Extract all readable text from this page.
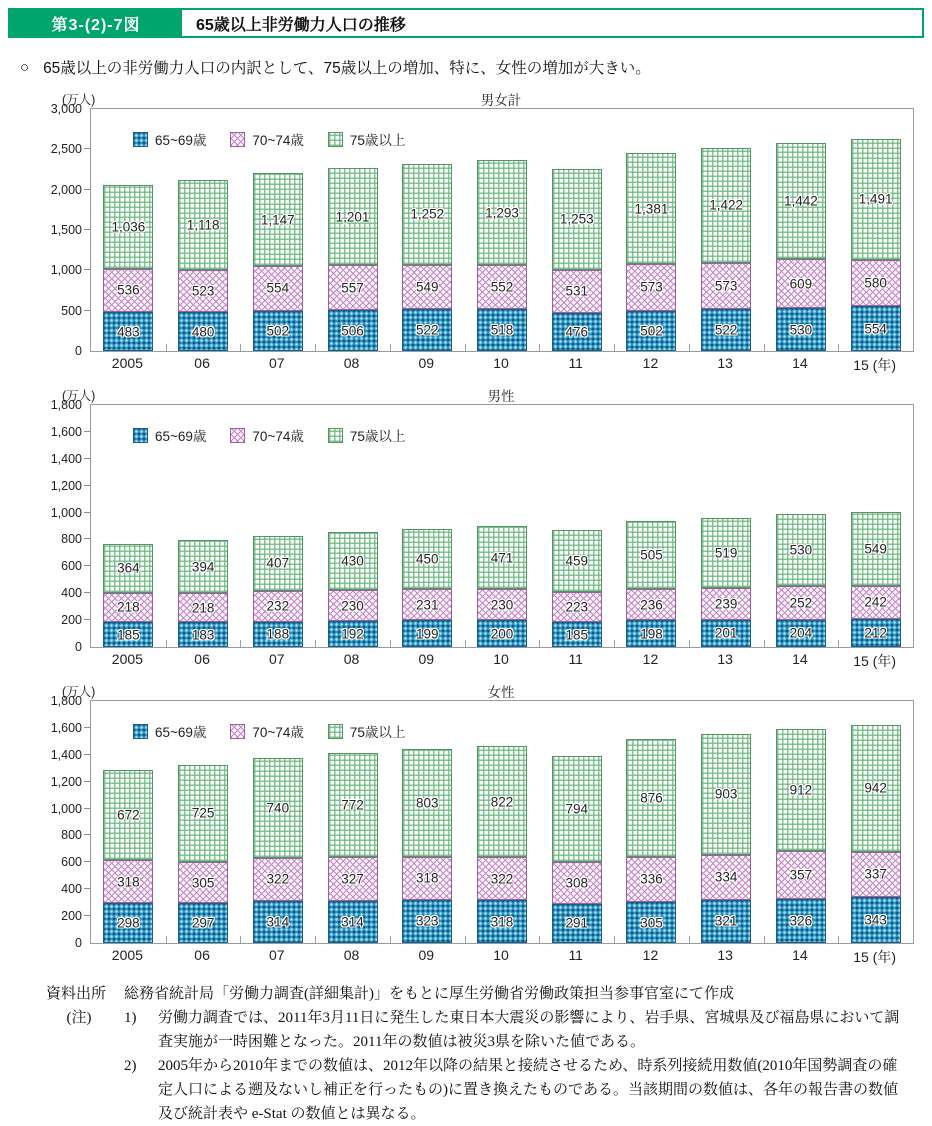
第3-(2)-7図	65歳以上非労働力人口の推移
○ 65歳以上の非労働力人口の内訳として、75歳以上の増加、特に、女性の増加が大きい。
(万人)	男女計
0
500
1,000
1,500
2,000
2,500
3,000
65~69歳	70~74歳	75歳以上
483
536
1,036
480
523
1,118
502
554
1,147
506
557
1,201
522
549
1,252
518
552
1,293
476
531
1,253
502
573
1,381
522
573
1,422
530
609
1,442
554
580
1,491
2005	06	07	08	09	10	11	12	13	14	15 (年)
(万人)	男性
0
200
400
600
800
1,000
1,200
1,400
1,600
1,800
65~69歳	70~74歳	75歳以上
185
218
364
183
218
394
188
232
407
192
230
430
199
231
450
200
230
471
185
223
459
198
236
505
201
239
519
204
252
530
212
242
549
2005	06	07	08	09	10	11	12	13	14	15 (年)
(万人)	女性
0
200
400
600
800
1,000
1,200
1,400
1,600
1,800
65~69歳	70~74歳	75歳以上
298
318
672
297
305
725
314
322
740
314
327
772
323
318
803
318
322
822
291
308
794
305
336
876
321
334
903
326
357
912
343
337
942
2005	06	07	08	09	10	11	12	13	14	15 (年)
資料出所	総務省統計局「労働力調査(詳細集計)」をもとに厚生労働省労働政策担当参事官室にて作成
(注)	1)	労働力調査では、2011年3月11日に発生した東日本大震災の影響により、岩手県、宮城県及び福島県において調査実施が一時困難となった。2011年の数値は被災3県を除いた値である。
2)	2005年から2010年までの数値は、2012年以降の結果と接続させるため、時系列接続用数値(2010年国勢調査の確定人口による遡及ないし補正を行ったもの)に置き換えたものである。当該期間の数値は、各年の報告書の数値及び統計表や e-Stat の数値とは異なる。
